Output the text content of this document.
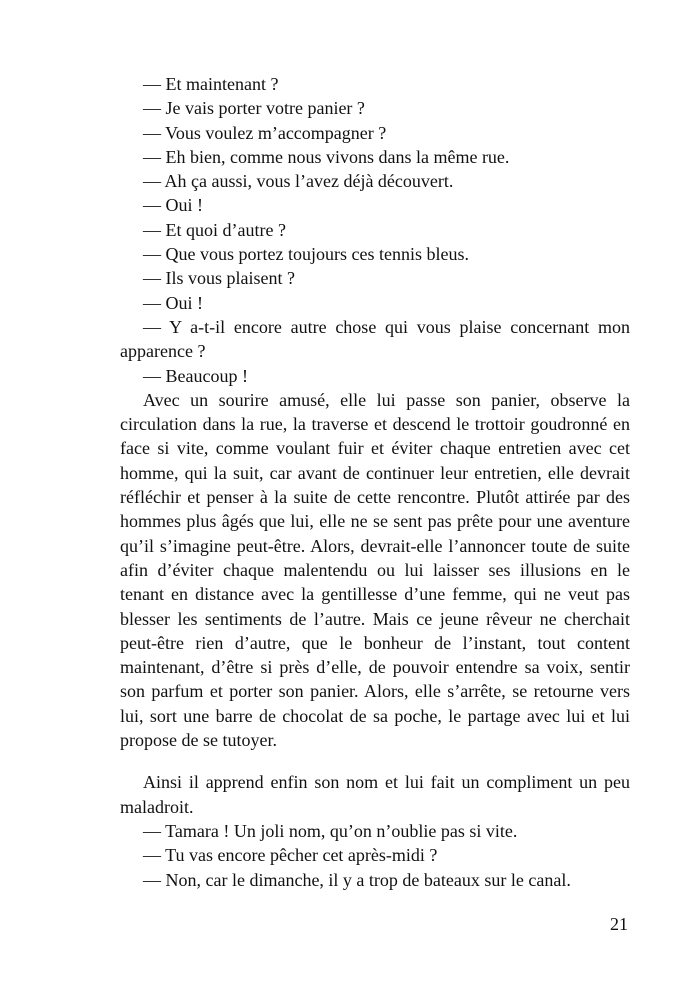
— Et maintenant ?
— Je vais porter votre panier ?
— Vous voulez m’accompagner ?
— Eh bien, comme nous vivons dans la même rue.
— Ah ça aussi, vous l’avez déjà découvert.
— Oui !
— Et quoi d’autre ?
— Que vous portez toujours ces tennis bleus.
— Ils vous plaisent ?
— Oui !
— Y a-t-il encore autre chose qui vous plaise concernant mon
apparence ?
— Beaucoup !
Avec un sourire amusé, elle lui passe son panier, observe la
circulation dans la rue, la traverse et descend le trottoir goudronné en
face si vite, comme voulant fuir et éviter chaque entretien avec cet
homme, qui la suit, car avant de continuer leur entretien, elle devrait
réfléchir et penser à la suite de cette rencontre. Plutôt attirée par des
hommes plus âgés que lui, elle ne se sent pas prête pour une aventure
qu’il s’imagine peut-être. Alors, devrait-elle l’annoncer toute de suite
afin d’éviter chaque malentendu ou lui laisser ses illusions en le
tenant en distance avec la gentillesse d’une femme, qui ne veut pas
blesser les sentiments de l’autre. Mais ce jeune rêveur ne cherchait
peut-être rien d’autre, que le bonheur de l’instant, tout content
maintenant, d’être si près d’elle, de pouvoir entendre sa voix, sentir
son parfum et porter son panier. Alors, elle s’arrête, se retourne vers
lui, sort une barre de chocolat de sa poche, le partage avec lui et lui
propose de se tutoyer.
Ainsi il apprend enfin son nom et lui fait un compliment un peu
maladroit.
— Tamara ! Un joli nom, qu’on n’oublie pas si vite.
— Tu vas encore pêcher cet après-midi ?
— Non, car le dimanche, il y a trop de bateaux sur le canal.
21
